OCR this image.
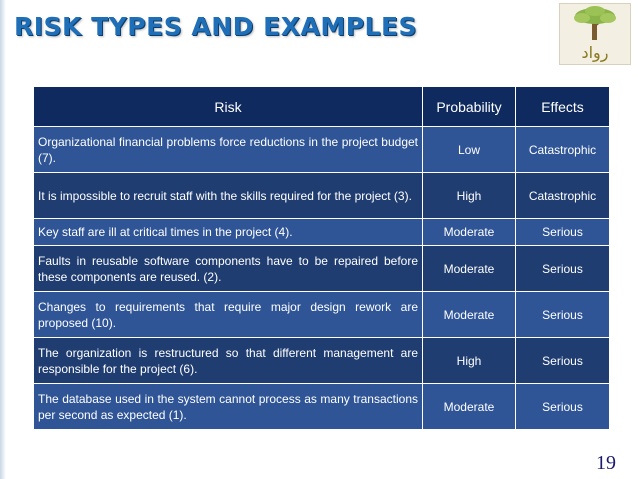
RISK TYPES AND EXAMPLES
رواد
Risk	Probability	Effects
Organizational financial problems force reductions in the project budget (7).	Low	Catastrophic
It is impossible to recruit staff with the skills required for the project (3).	High	Catastrophic
Key staff are ill at critical times in the project (4).	Moderate	Serious
Faults in reusable software components have to be repaired before these components are reused. (2).	Moderate	Serious
Changes to requirements that require major design rework are proposed (10).	Moderate	Serious
The organization is restructured so that different management are responsible for the project (6).	High	Serious
The database used in the system cannot process as many transactions per second as expected (1).	Moderate	Serious
19
